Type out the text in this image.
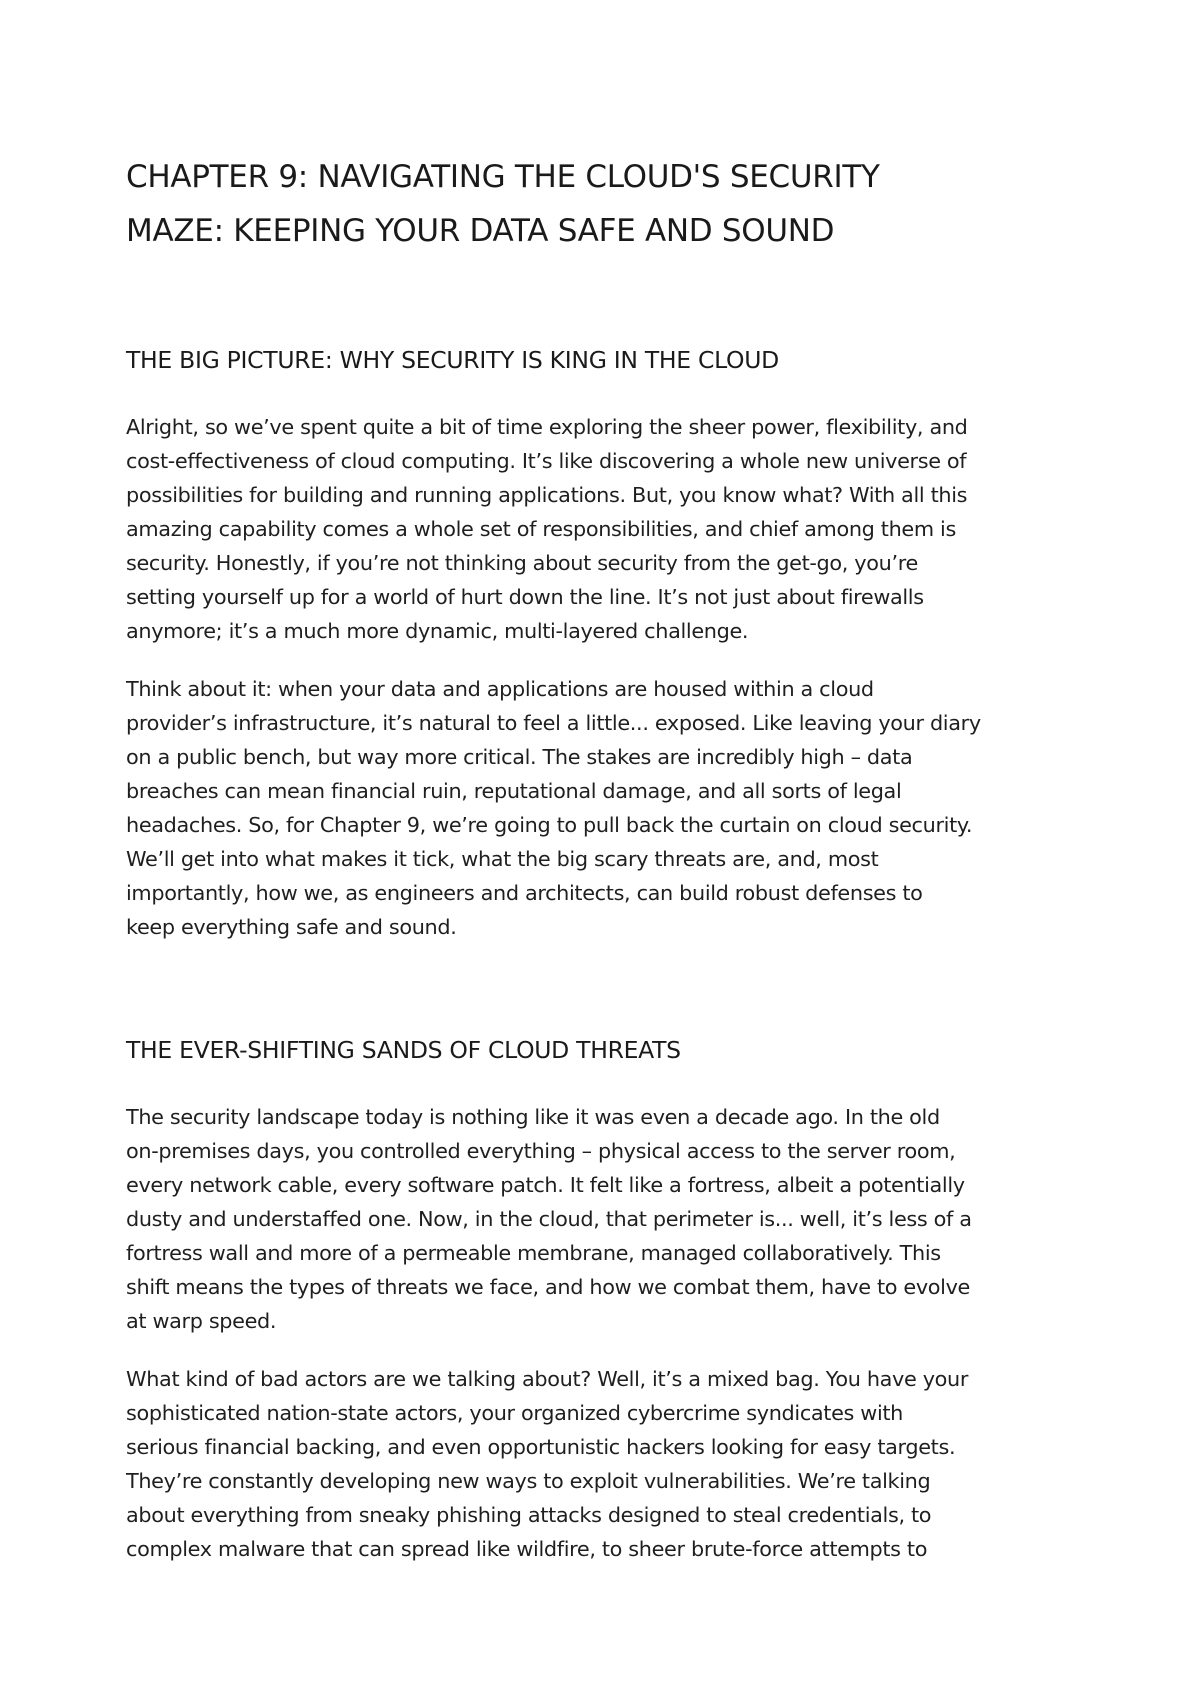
CHAPTER 9: NAVIGATING THE CLOUD'S SECURITY
MAZE: KEEPING YOUR DATA SAFE AND SOUND
THE BIG PICTURE: WHY SECURITY IS KING IN THE CLOUD

Alright, so we’ve spent quite a bit of time exploring the sheer power, flexibility, and
cost-effectiveness of cloud computing. It’s like discovering a whole new universe of
possibilities for building and running applications. But, you know what? With all this
amazing capability comes a whole set of responsibilities, and chief among them is
security. Honestly, if you’re not thinking about security from the get-go, you’re
setting yourself up for a world of hurt down the line. It’s not just about firewalls
anymore; it’s a much more dynamic, multi-layered challenge.

Think about it: when your data and applications are housed within a cloud
provider’s infrastructure, it’s natural to feel a little... exposed. Like leaving your diary
on a public bench, but way more critical. The stakes are incredibly high – data
breaches can mean financial ruin, reputational damage, and all sorts of legal
headaches. So, for Chapter 9, we’re going to pull back the curtain on cloud security.
We’ll get into what makes it tick, what the big scary threats are, and, most
importantly, how we, as engineers and architects, can build robust defenses to
keep everything safe and sound.

THE EVER-SHIFTING SANDS OF CLOUD THREATS

The security landscape today is nothing like it was even a decade ago. In the old
on-premises days, you controlled everything – physical access to the server room,
every network cable, every software patch. It felt like a fortress, albeit a potentially
dusty and understaffed one. Now, in the cloud, that perimeter is... well, it’s less of a
fortress wall and more of a permeable membrane, managed collaboratively. This
shift means the types of threats we face, and how we combat them, have to evolve
at warp speed.

What kind of bad actors are we talking about? Well, it’s a mixed bag. You have your
sophisticated nation-state actors, your organized cybercrime syndicates with
serious financial backing, and even opportunistic hackers looking for easy targets.
They’re constantly developing new ways to exploit vulnerabilities. We’re talking
about everything from sneaky phishing attacks designed to steal credentials, to
complex malware that can spread like wildfire, to sheer brute-force attempts to
